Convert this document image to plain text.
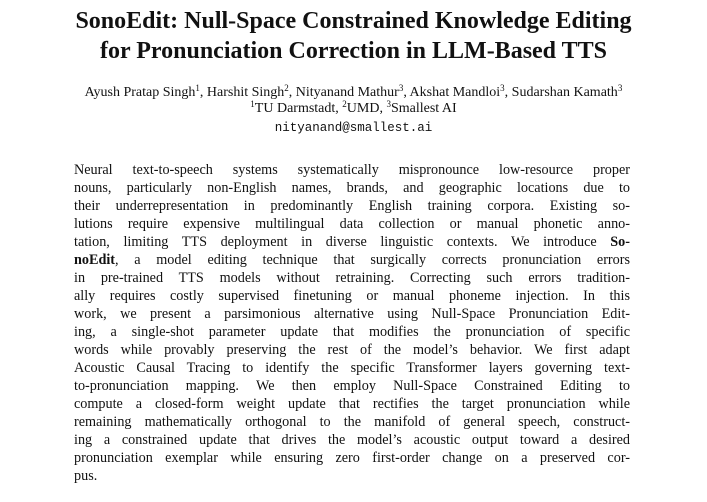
SonoEdit: Null-Space Constrained Knowledge Editing
for Pronunciation Correction in LLM-Based TTS
Ayush Pratap Singh$^1$, Harshit Singh$^2$, Nityanand Mathur$^3$, Akshat Mandloi$^3$, Sudarshan Kamath$^3$
$^1$TU Darmstadt, $^2$UMD, $^3$Smallest AI
nityanand@smallest.ai
Neural text-to-speech systems systematically mispronounce low-resource proper
nouns, particularly non-English names, brands, and geographic locations due to
their underrepresentation in predominantly English training corpora. Existing so-
lutions require expensive multilingual data collection or manual phonetic anno-
tation, limiting TTS deployment in diverse linguistic contexts. We introduce So-
noEdit, a model editing technique that surgically corrects pronunciation errors
in pre-trained TTS models without retraining. Correcting such errors tradition-
ally requires costly supervised finetuning or manual phoneme injection. In this
work, we present a parsimonious alternative using Null-Space Pronunciation Edit-
ing, a single-shot parameter update that modifies the pronunciation of specific
words while provably preserving the rest of the model’s behavior. We first adapt
Acoustic Causal Tracing to identify the specific Transformer layers governing text-
to-pronunciation mapping. We then employ Null-Space Constrained Editing to
compute a closed-form weight update that rectifies the target pronunciation while
remaining mathematically orthogonal to the manifold of general speech, construct-
ing a constrained update that drives the model’s acoustic output toward a desired
pronunciation exemplar while ensuring zero first-order change on a preserved cor-
pus.
